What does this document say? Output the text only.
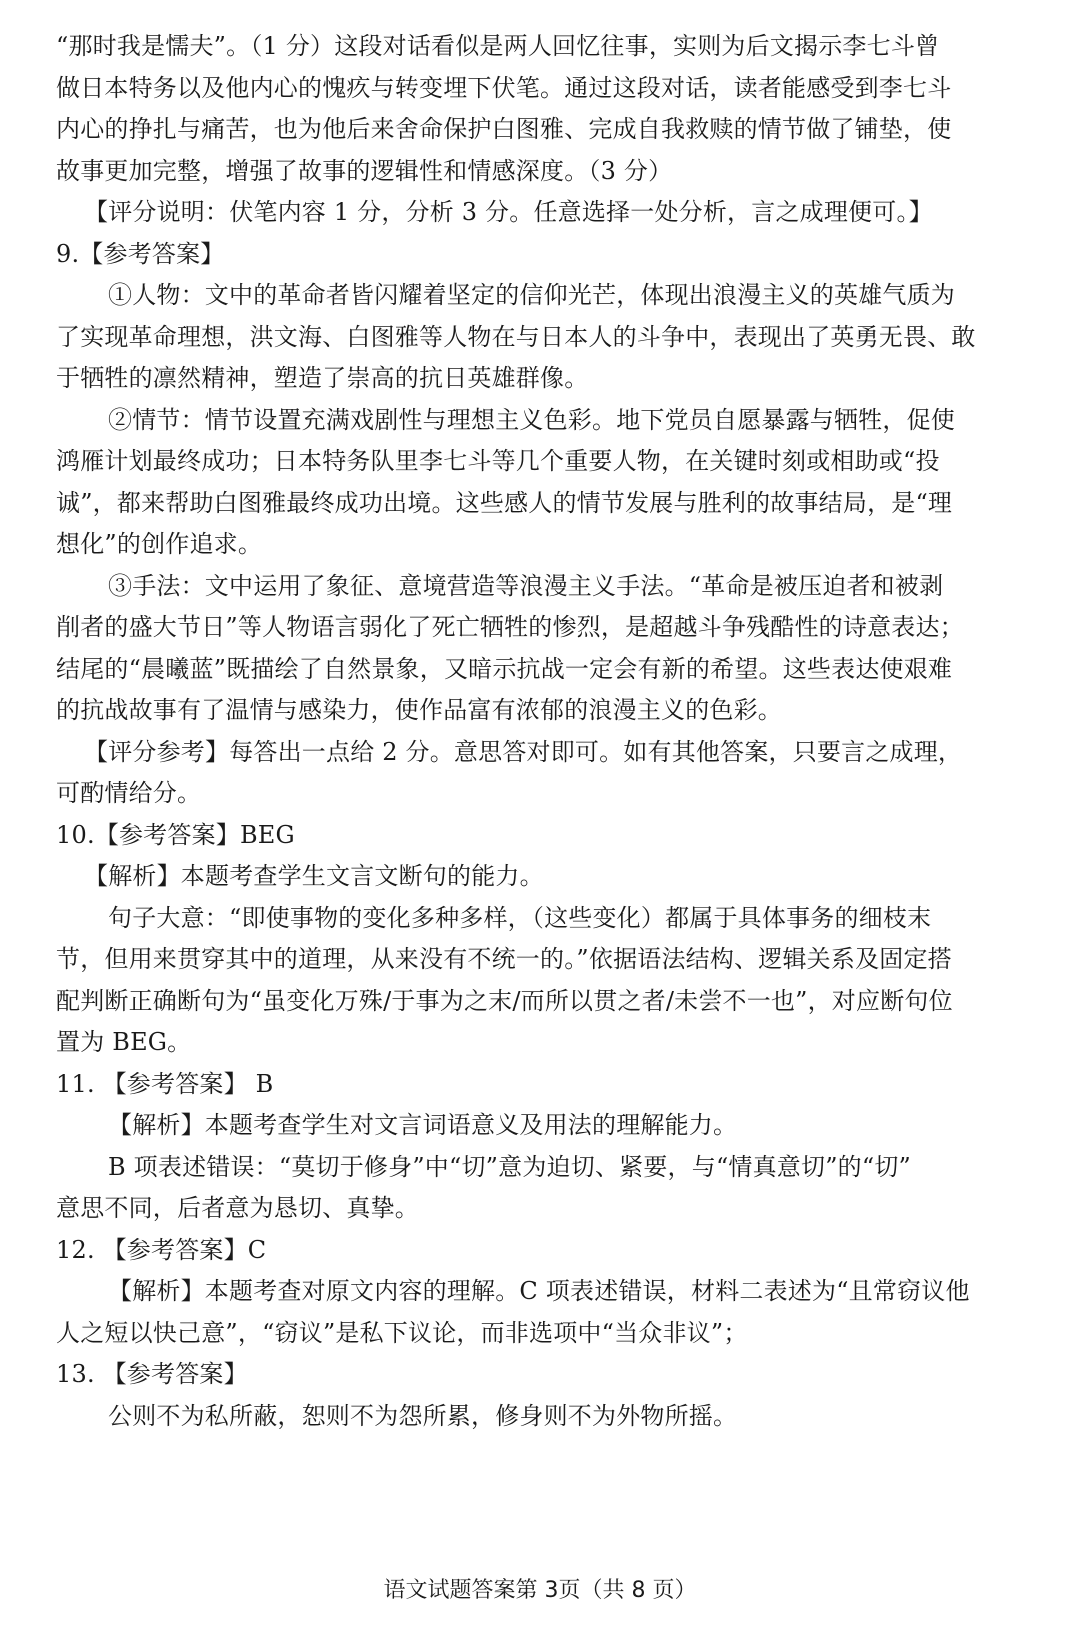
“那时我是懦夫”。（1 分）这段对话看似是两人回忆往事，实则为后文揭示李七斗曾
做日本特务以及他内心的愧疚与转变埋下伏笔。通过这段对话，读者能感受到李七斗
内心的挣扎与痛苦，也为他后来舍命保护白图雅、完成自我救赎的情节做了铺垫，使
故事更加完整，增强了故事的逻辑性和情感深度。（3 分）
【评分说明：伏笔内容 1 分，分析 3 分。任意选择一处分析，言之成理便可。】
9.【参考答案】
①人物：文中的革命者皆闪耀着坚定的信仰光芒，体现出浪漫主义的英雄气质为
了实现革命理想，洪文海、白图雅等人物在与日本人的斗争中，表现出了英勇无畏、敢
于牺牲的凛然精神，塑造了崇高的抗日英雄群像。
②情节：情节设置充满戏剧性与理想主义色彩。地下党员自愿暴露与牺牲，促使
鸿雁计划最终成功；日本特务队里李七斗等几个重要人物，在关键时刻或相助或“投
诚”，都来帮助白图雅最终成功出境。这些感人的情节发展与胜利的故事结局，是“理
想化”的创作追求。
③手法：文中运用了象征、意境营造等浪漫主义手法。“革命是被压迫者和被剥
削者的盛大节日”等人物语言弱化了死亡牺牲的惨烈，是超越斗争残酷性的诗意表达；
结尾的“晨曦蓝”既描绘了自然景象，又暗示抗战一定会有新的希望。这些表达使艰难
的抗战故事有了温情与感染力，使作品富有浓郁的浪漫主义的色彩。
【评分参考】每答出一点给 2 分。意思答对即可。如有其他答案，只要言之成理，
可酌情给分。
10.【参考答案】BEG
【解析】本题考查学生文言文断句的能力。
句子大意：“即使事物的变化多种多样，（这些变化）都属于具体事务的细枝末
节，但用来贯穿其中的道理，从来没有不统一的。”依据语法结构、逻辑关系及固定搭
配判断正确断句为“虽变化万殊/于事为之末/而所以贯之者/未尝不一也”，对应断句位
置为 BEG。
11. 【参考答案】 B
【解析】本题考查学生对文言词语意义及用法的理解能力。
B 项表述错误：“莫切于修身”中“切”意为迫切、紧要，与“情真意切”的“切”
意思不同，后者意为恳切、真挚。
12. 【参考答案】C
【解析】本题考查对原文内容的理解。C 项表述错误，材料二表述为“且常窃议他
人之短以快己意”，“窃议”是私下议论，而非选项中“当众非议”；
13. 【参考答案】
公则不为私所蔽，恕则不为怨所累，修身则不为外物所摇。
语文试题答案第 3页（共 8 页）
